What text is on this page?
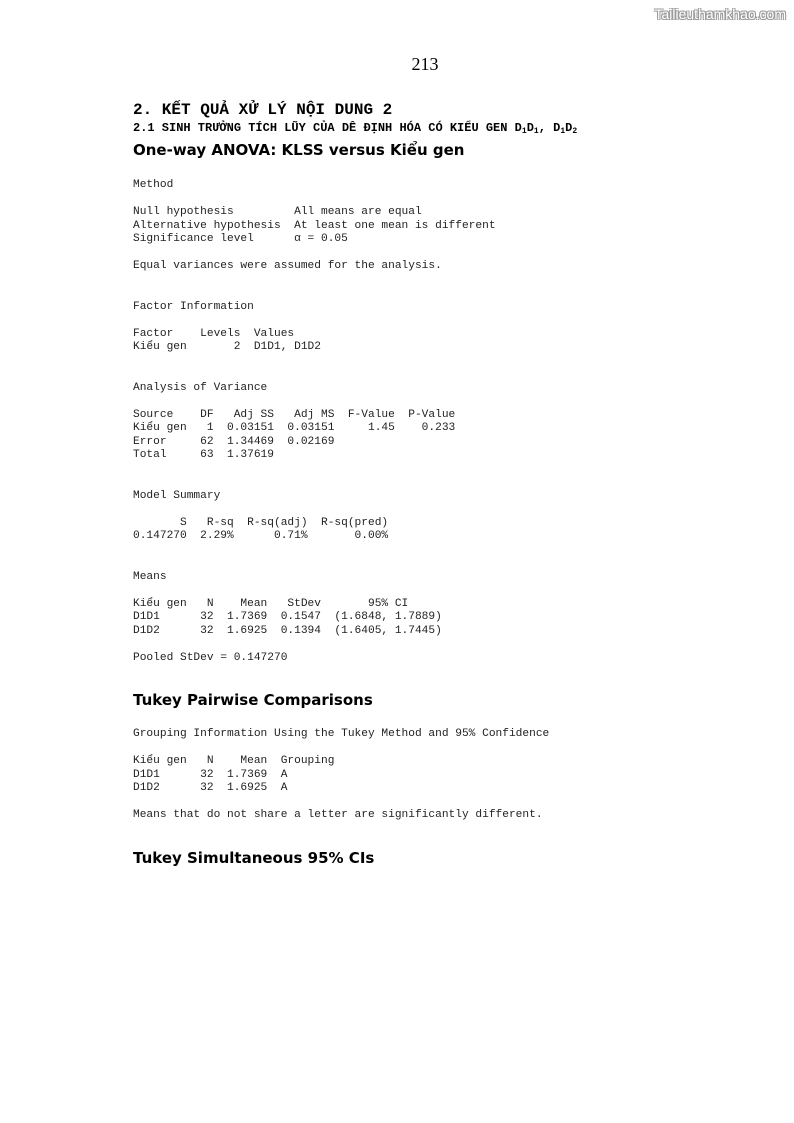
Tailieuthamkhao.com
213
2. KẾT QUẢ XỬ LÝ NỘI DUNG 2
2.1 SINH TRƯỞNG TÍCH LŨY CỦA DÊ ĐỊNH HÓA CÓ KIỂU GEN $D_1D_1$, $D_1D_2$
One-way ANOVA: KLSS versus Kiểu gen
Method
Null hypothesis         All means are equal
Alternative hypothesis  At least one mean is different
Significance level      α = 0.05
Equal variances were assumed for the analysis.
Factor Information
Factor    Levels  Values
Kiểu gen       2  D1D1, D1D2
Analysis of Variance
Source    DF   Adj SS   Adj MS  F-Value  P-Value
Kiểu gen   1  0.03151  0.03151     1.45    0.233
Error     62  1.34469  0.02169
Total     63  1.37619
Model Summary
S   R-sq  R-sq(adj)  R-sq(pred)
0.147270  2.29%      0.71%       0.00%
Means
Kiểu gen   N    Mean   StDev       95% CI
D1D1      32  1.7369  0.1547  (1.6848, 1.7889)
D1D2      32  1.6925  0.1394  (1.6405, 1.7445)
Pooled StDev = 0.147270
Tukey Pairwise Comparisons
Grouping Information Using the Tukey Method and 95% Confidence
Kiểu gen   N    Mean  Grouping
D1D1      32  1.7369  A
D1D2      32  1.6925  A
Means that do not share a letter are significantly different.
Tukey Simultaneous 95% CIs
